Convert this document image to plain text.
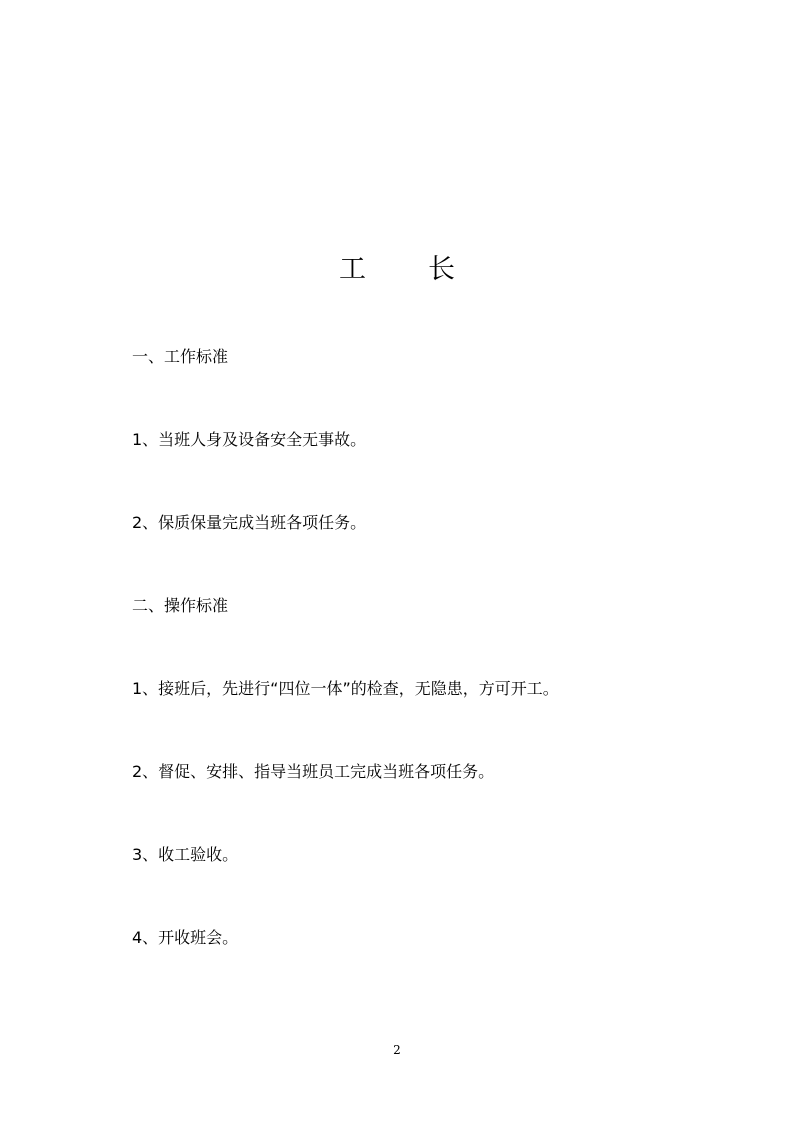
工 长

一、工作标准

1、当班人身及设备安全无事故。

2、保质保量完成当班各项任务。

二、操作标准

1、接班后，先进行“四位一体”的检查，无隐患，方可开工。

2、督促、安排、指导当班员工完成当班各项任务。

3、收工验收。

4、开收班会。

2
